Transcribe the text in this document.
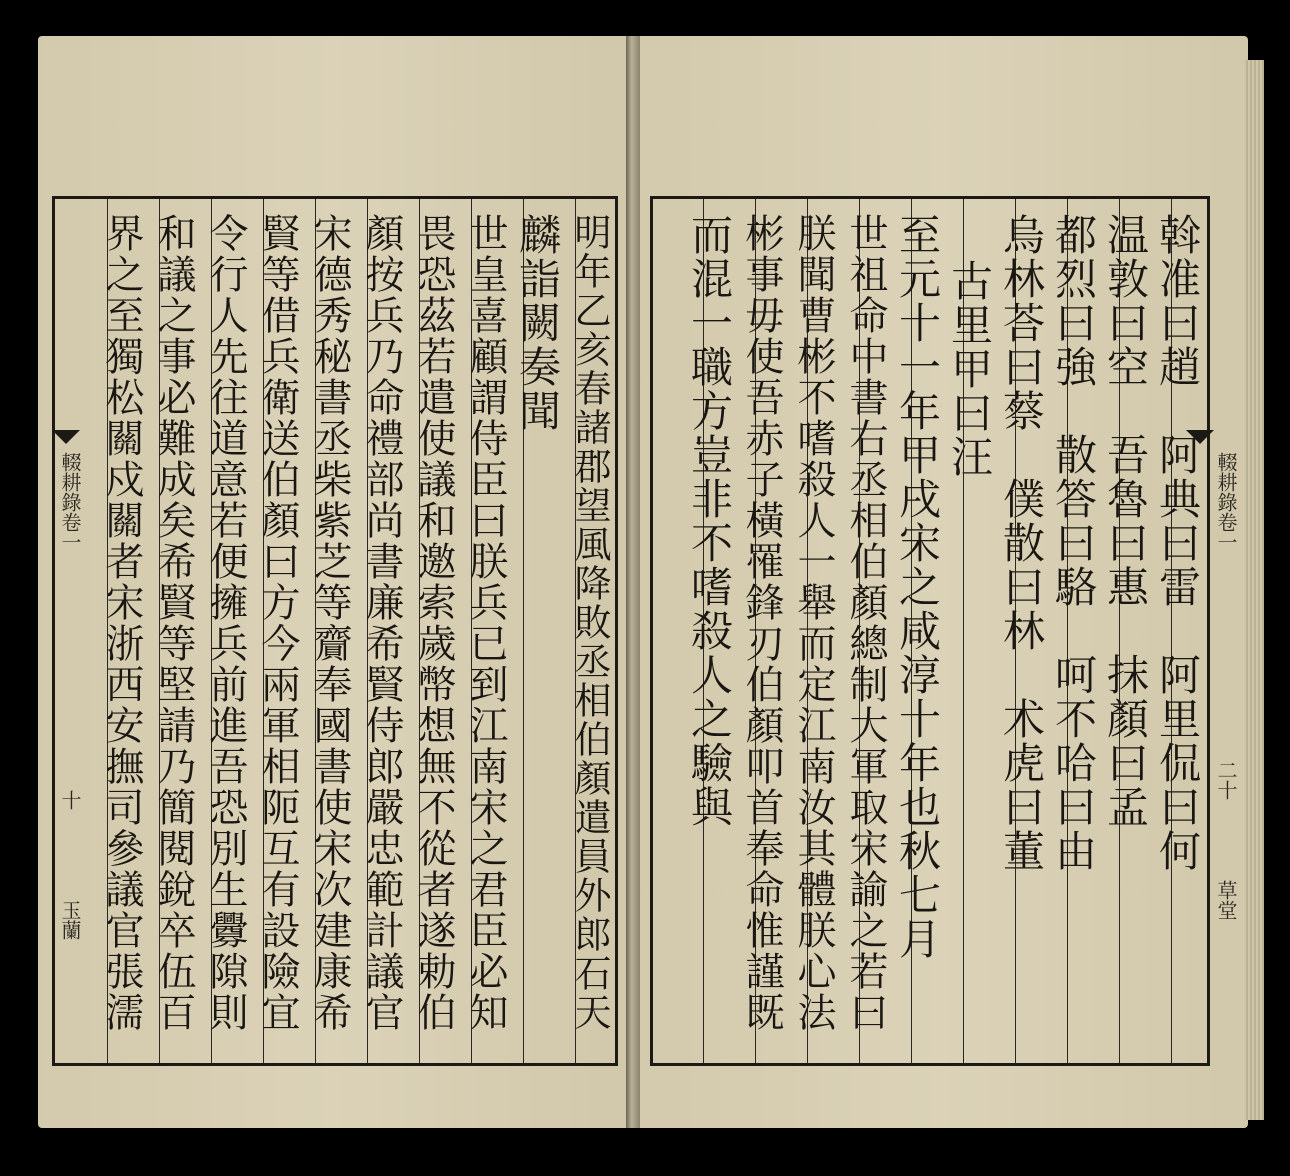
輟耕錄卷一
十
玉蘭
輟耕錄卷一
二十
草堂
明年乙亥春諸郡望風降敗丞相伯顏遣員外郎石天
麟詣闕奏聞
世皇喜顧謂侍臣曰朕兵已到江南宋之君臣必知
畏恐茲若遣使議和邀索歲幣想無不從者遂勅伯
顏按兵乃命禮部尚書廉希賢侍郎嚴忠範計議官
宋德秀秘書丞柴紫芝等齎奉國書使宋次建康希
賢等借兵衛送伯顏曰方今兩軍相阨互有設險宜
令行人先往道意若便擁兵前進吾恐別生釁隙則
和議之事必難成矣希賢等堅請乃簡閱銳卒伍百
界之至獨松關戍關者宋浙西安撫司參議官張濡	斡准曰趙　阿典曰雷　阿里侃曰何
温敦曰空　吾魯曰惠　抹顏曰孟
都烈曰強　散答曰駱　呵不哈曰由
烏林荅曰蔡　僕散曰林　术虎曰董
古里甲曰汪
至元十一年甲戌宋之咸淳十年也秋七月
世祖命中書右丞相伯顏總制大軍取宋諭之若曰
朕聞曹彬不嗜殺人一舉而定江南汝其體朕心法
彬事毋使吾赤子橫罹鋒刃伯顏叩首奉命惟謹既
而混一職方豈非不嗜殺人之驗與
